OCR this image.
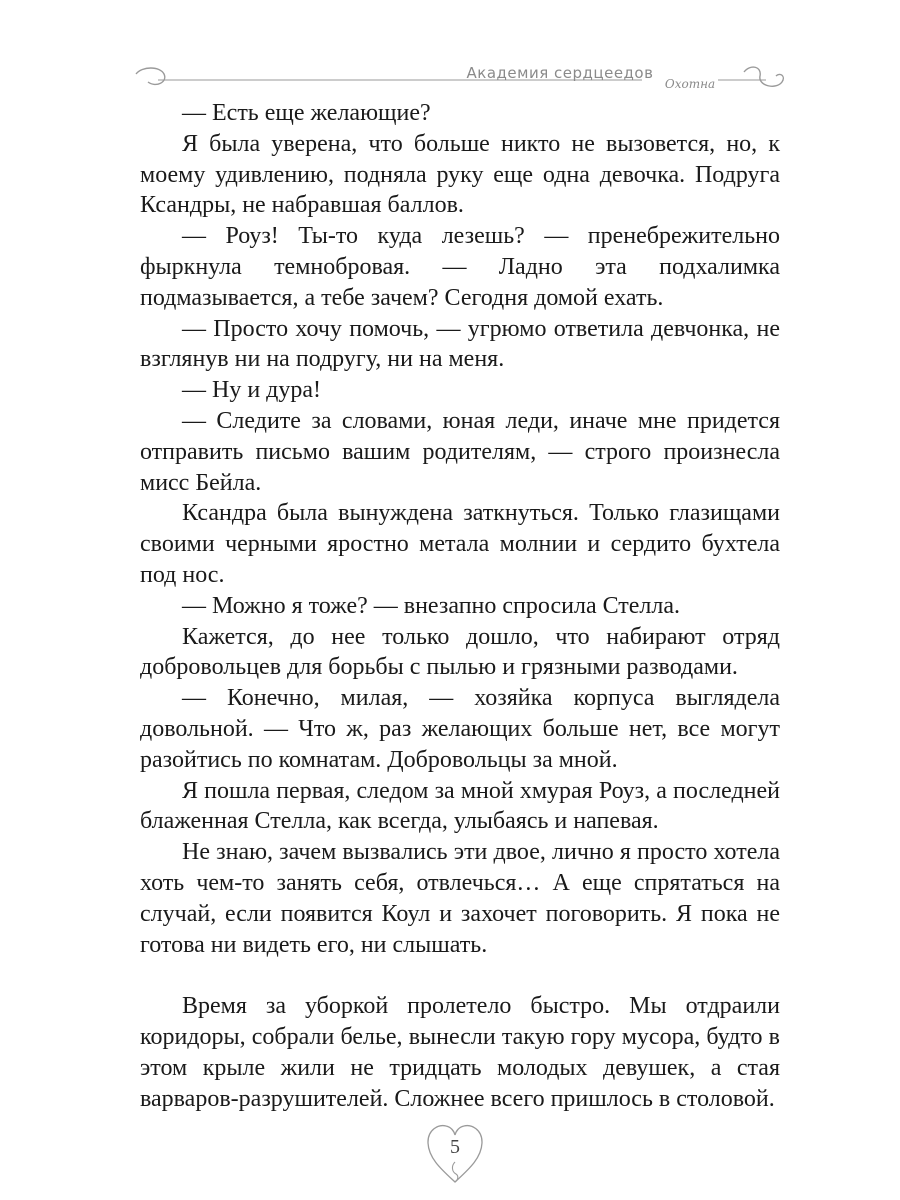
Академия сердцеедов
Охотна

— Есть еще желающие?

Я была уверена, что больше никто не вызовется, но, к моему удивлению, подняла руку еще одна девочка. Подруга Ксандры, не набравшая баллов.

— Роуз! Ты-то куда лезешь? — пренебрежительно фыркнула темнобровая. — Ладно эта подхалимка подмазывается, а тебе зачем? Сегодня домой ехать.

— Просто хочу помочь, — угрюмо ответила девчонка, не взглянув ни на подругу, ни на меня.

— Ну и дура!

— Следите за словами, юная леди, иначе мне придется отправить письмо вашим родителям, — строго произнесла мисс Бейла.

Ксандра была вынуждена заткнуться. Только глазищами своими черными яростно метала молнии и сердито бухтела под нос.

— Можно я тоже? — внезапно спросила Стелла.

Кажется, до нее только дошло, что набирают отряд добровольцев для борьбы с пылью и грязными разводами.

— Конечно, милая, — хозяйка корпуса выглядела довольной. — Что ж, раз желающих больше нет, все могут разойтись по комнатам. Добровольцы за мной.

Я пошла первая, следом за мной хмурая Роуз, а последней блаженная Стелла, как всегда, улыбаясь и напевая.

Не знаю, зачем вызвались эти двое, лично я просто хотела хоть чем-то занять себя, отвлечься… А еще спрятаться на случай, если появится Коул и захочет поговорить. Я пока не готова ни видеть его, ни слышать.

Время за уборкой пролетело быстро. Мы отдраили коридоры, собрали белье, вынесли такую гору мусора, будто в этом крыле жили не тридцать молодых девушек, а стая варваров-разрушителей. Сложнее всего пришлось в столовой.

5
